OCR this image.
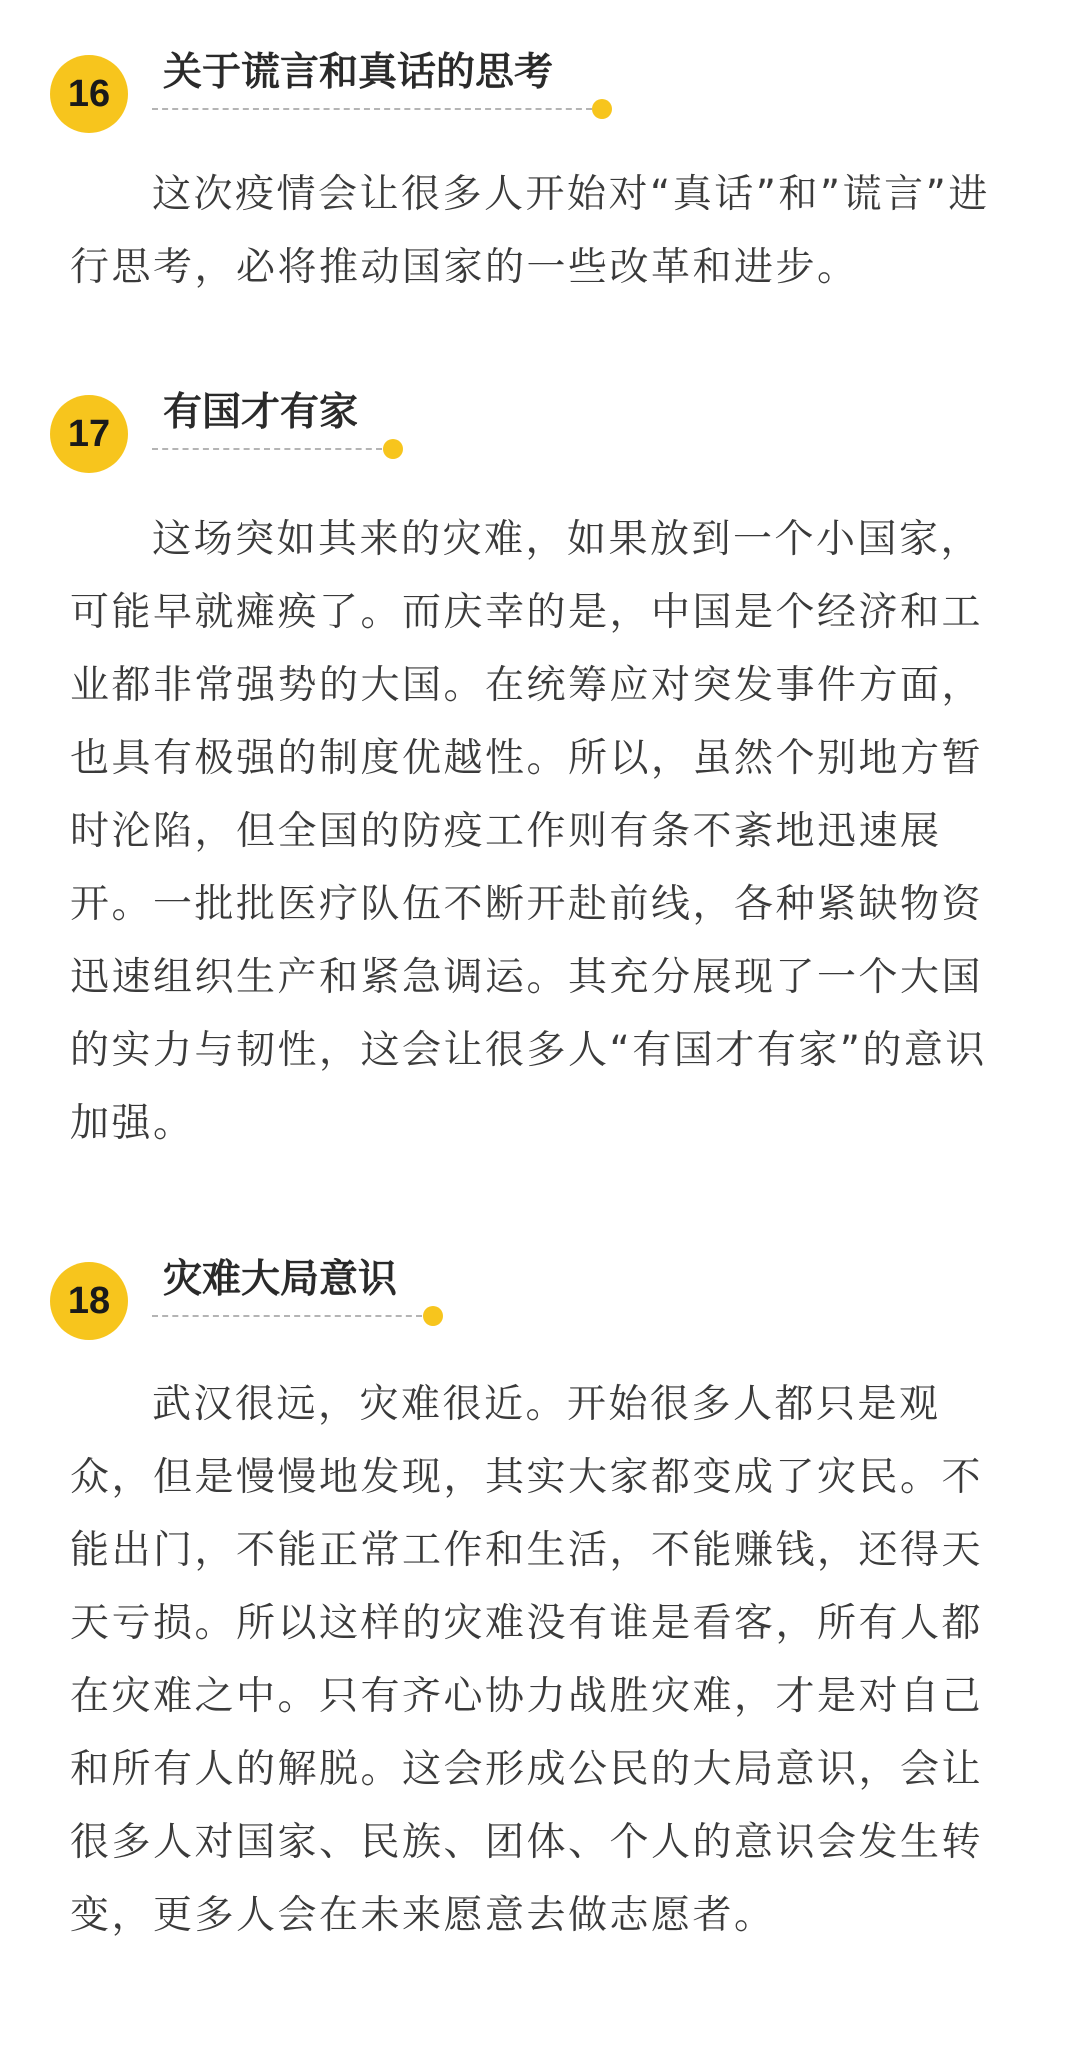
16	关于谎言和真话的思考

这次疫情会让很多人开始对“真话”和”谎言”进行思考，必将推动国家的一些改革和进步。

17	有国才有家

这场突如其来的灾难，如果放到一个小国家，可能早就瘫痪了。而庆幸的是，中国是个经济和工业都非常强势的大国。在统筹应对突发事件方面，也具有极强的制度优越性。所以，虽然个别地方暂时沦陷，但全国的防疫工作则有条不紊地迅速展开。一批批医疗队伍不断开赴前线，各种紧缺物资迅速组织生产和紧急调运。其充分展现了一个大国的实力与韧性，这会让很多人“有国才有家”的意识加强。

18	灾难大局意识

武汉很远，灾难很近。开始很多人都只是观众，但是慢慢地发现，其实大家都变成了灾民。不能出门，不能正常工作和生活，不能赚钱，还得天天亏损。所以这样的灾难没有谁是看客，所有人都在灾难之中。只有齐心协力战胜灾难，才是对自己和所有人的解脱。这会形成公民的大局意识，会让很多人对国家、民族、团体、个人的意识会发生转变，更多人会在未来愿意去做志愿者。
